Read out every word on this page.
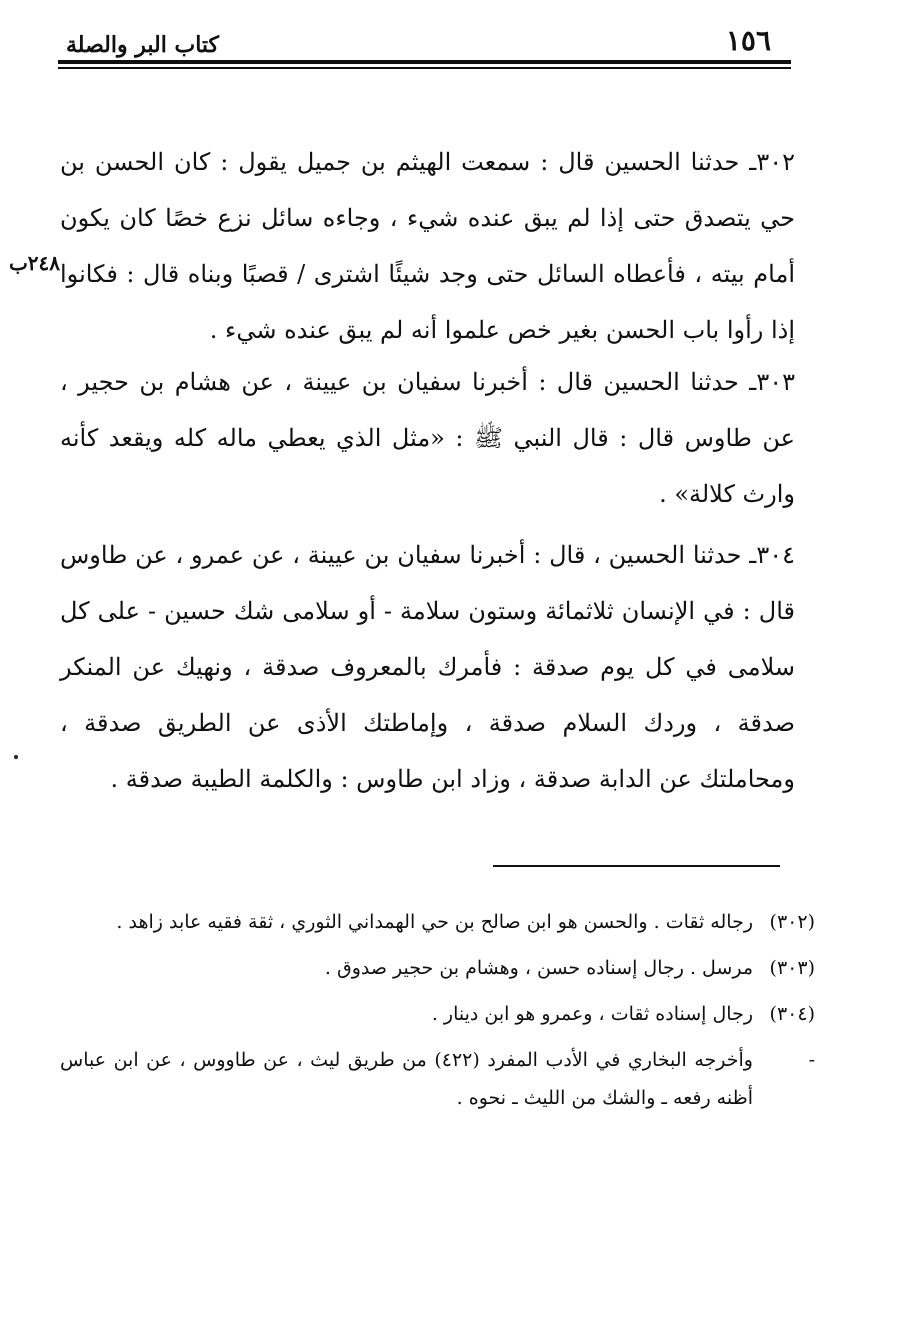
١٥٦
كتاب البر والصلة
٢٤٨ب

٣٠٢ـ حدثنا الحسين قال : سمعت الهيثم بن جميل يقول : كان الحسن بن حي يتصدق حتى إذا لم يبق عنده شيء ، وجاءه سائل نزع خصًا كان يكون أمام بيته ، فأعطاه السائل حتى وجد شيئًا اشترى / قصبًا وبناه قال : فكانوا إذا رأوا باب الحسن بغير خص علموا أنه لم يبق عنده شيء .

٣٠٣ـ حدثنا الحسين قال : أخبرنا سفيان بن عيينة ، عن هشام بن حجير ، عن طاوس قال : قال النبي ﷺ : «مثل الذي يعطي ماله كله ويقعد كأنه وارث كلالة» .

٣٠٤ـ حدثنا الحسين ، قال : أخبرنا سفيان بن عيينة ، عن عمرو ، عن طاوس قال : في الإنسان ثلاثمائة وستون سلامة - أو سلامى شك حسين - على كل سلامى في كل يوم صدقة : فأمرك بالمعروف صدقة ، ونهيك عن المنكر صدقة ، وردك السلام صدقة ، وإماطتك الأذى عن الطريق صدقة ، ومحاملتك عن الدابة صدقة ، وزاد ابن طاوس : والكلمة الطيبة صدقة .

(٣٠٢)
رجاله ثقات . والحسن هو ابن صالح بن حي الهمداني الثوري ، ثقة فقيه عابد زاهد .
(٣٠٣)
مرسل . رجال إسناده حسن ، وهشام بن حجير صدوق .
(٣٠٤)
رجال إسناده ثقات ، وعمرو هو ابن دينار .
-
وأخرجه البخاري في الأدب المفرد (٤٢٢) من طريق ليث ، عن طاووس ، عن ابن عباس أظنه رفعه ـ والشك من الليث ـ نحوه .
